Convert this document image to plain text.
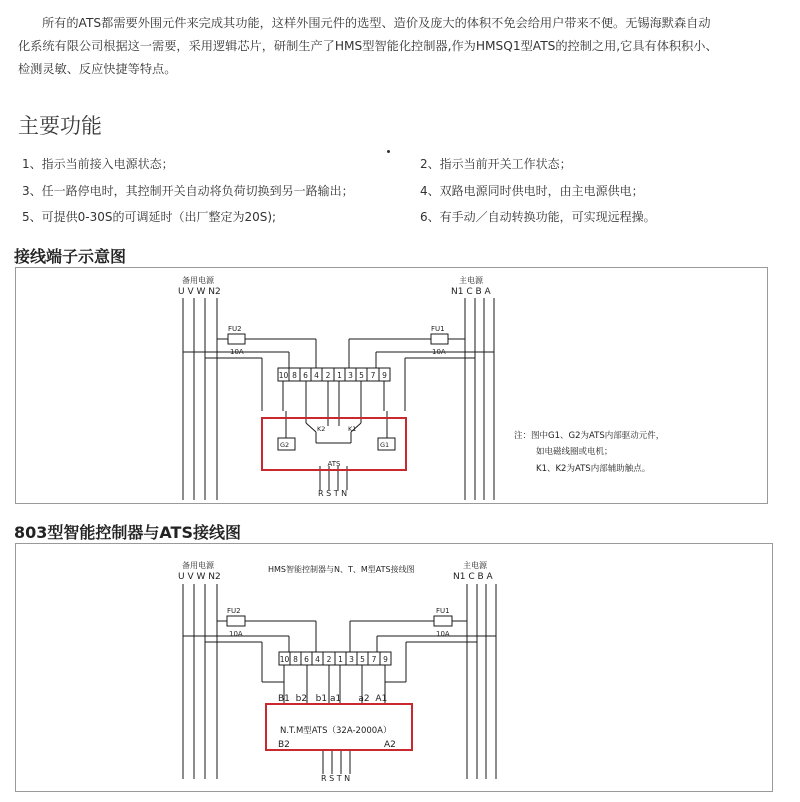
所有的ATS都需要外围元件来完成其功能，这样外围元件的选型、造价及庞大的体积不免会给用户带来不便。无锡海默森自动

化系统有限公司根据这一需要，采用逻辑芯片，研制生产了HMS型智能化控制器,作为HMSQ1型ATS的控制之用,它具有体积积小、
检测灵敏、反应快捷等特点。
主要功能
1、指示当前接入电源状态；	2、指示当前开关工作状态；
3、任一路停电时，其控制开关自动将负荷切换到另一路输出；	4、双路电源同时供电时，由主电源供电；
5、可提供0-30S的可调延时（出厂整定为20S);	6、有手动／自动转换功能，可实现远程操。
接线端子示意图
备用电源
U V W N2
主电源
N1 C B A
FU2
10A
FU1
10A
10 8 6 4 2 1 3 5 7 9
G2	G1
K2	K1
ATS
R S T N
注：图中G1、G2为ATS内部驱动元件，
如电磁线圈或电机；
K1、K2为ATS内部辅助触点。
803型智能控制器与ATS接线图
HMS智能控制器与N、T、M型ATS接线图
备用电源
U V W N2
主电源
N1 C B A
FU2
10A
FU1
10A
10 8 6 4 2 1 3 5 7 9
B1  b2   b1 a1      a2  A1
N.T.M型ATS（32A-2000A）
B2	A2
R S T N
